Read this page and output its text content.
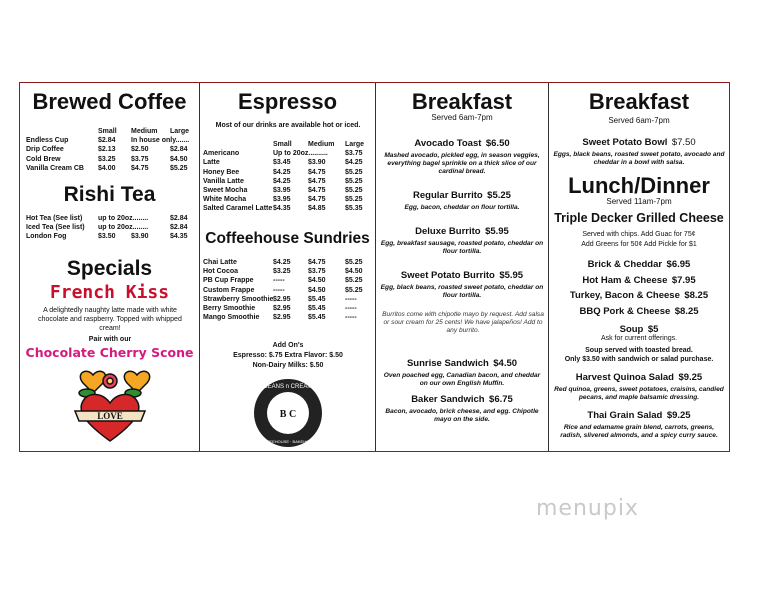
Brewed Coffee
Small	Medium	Large
Endless Cup	$2.84	In house only.......
Drip Coffee	$2.13	$2.50	$2.84
Cold Brew	$3.25	$3.75	$4.50
Vanilla Cream CB	$4.00	$4.75	$5.25
Rishi Tea
Hot Tea (See list)	up to 20oz........	$2.84
Iced Tea (See list)	up to 20oz........	$2.84
London Fog	$3.50	$3.90	$4.35
Specials
French Kiss
A delightedly naughty latte made with white chocolate and raspberry. Topped with whipped cream!
Pair with our
Chocolate Cherry Scone
LOVE
Espresso
Most of our drinks are available hot or iced.
Small	Medium	Large
Americano	Up to 20oz.......... $3.75
Latte	$3.45	$3.90	$4.25
Honey Bee	$4.25	$4.75	$5.25
Vanilla Latte	$4.25	$4.75	$5.25
Sweet Mocha	$3.95	$4.75	$5.25
White Mocha	$3.95	$4.75	$5.25
Salted Caramel Latte $4.35	$4.85	$5.35
Coffeehouse Sundries
Chai Latte	$4.25	$4.75	$5.25
Hot Cocoa	$3.25	$3.75	$4.50
PB Cup Frappe	-----	$4.50	$5.25
Custom Frappe	-----	$4.50	$5.25
Strawberry Smoothie $2.95	$5.45	-----
Berry Smoothie	$2.95	$5.45	-----
Mango Smoothie	$2.95	$5.45	-----
Add On's
Espresso: $.75 Extra Flavor: $.50
Non-Dairy Milks: $.50
BEANS n CREAM
B C
COFFEEHOUSE · BAKEHOUSE
Breakfast
Served 6am-7pm
Avocado Toast $6.50
Mashed avocado, pickled egg, in season veggies, everything bagel sprinkle on a thick slice of our cardinal bread.
Regular Burrito $5.25
Egg, bacon, cheddar on flour tortilla.
Deluxe Burrito $5.95
Egg, breakfast sausage, roasted potato, cheddar on flour tortilla.
Sweet Potato Burrito $5.95
Egg, black beans, roasted sweet potato, cheddar on flour tortilla.
Burritos come with chipotle mayo by request. Add salsa or sour cream for 25 cents! We have jalapeños! Add to any burrito.
Sunrise Sandwich $4.50
Oven poached egg, Canadian bacon, and cheddar on our own English Muffin.
Baker Sandwich $6.75
Bacon, avocado, brick cheese, and egg. Chipotle mayo on the side.
Breakfast
Served 6am-7pm
Sweet Potato Bowl $7.50
Eggs, black beans, roasted sweet potato, avocado and cheddar in a bowl with salsa.
Lunch/Dinner
Served 11am-7pm
Triple Decker Grilled Cheese
Served with chips. Add Guac for 75¢
Add Greens for 50¢ Add Pickle for $1
Brick & Cheddar $6.95
Hot Ham & Cheese $7.95
Turkey, Bacon & Cheese $8.25
BBQ Pork & Cheese $8.25
Soup $5
Ask for current offerings.
Soup served with toasted bread.
Only $3.50 with sandwich or salad purchase.
Harvest Quinoa Salad $9.25
Red quinoa, greens, sweet potatoes, craisins, candied pecans, and maple balsamic dressing.
Thai Grain Salad $9.25
Rice and edamame grain blend, carrots, greens, radish, slivered almonds, and a spicy curry sauce.
menupix
